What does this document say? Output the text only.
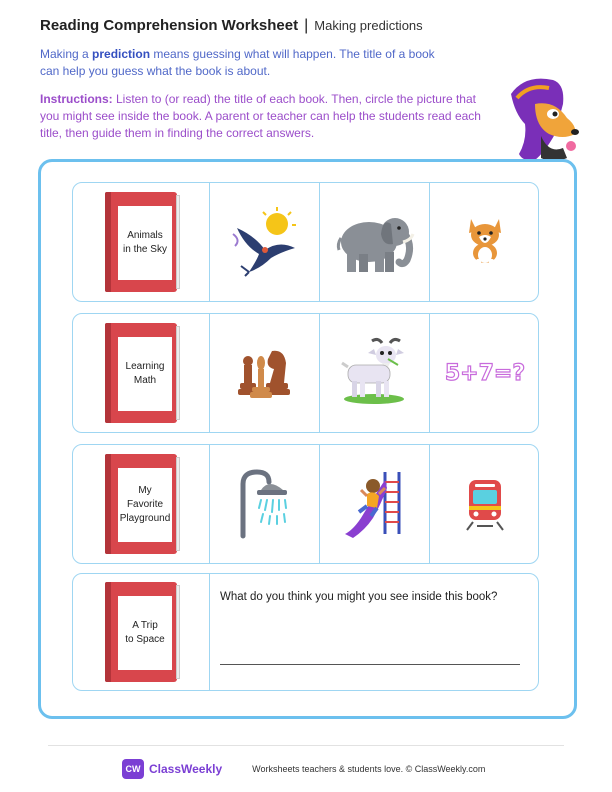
Reading Comprehension Worksheet | Making predictions

Making a prediction means guessing what will happen. The title of a book can help you guess what the book is about.

Instructions: Listen to (or read) the title of each book. Then, circle the picture that you might see inside the book. A parent or teacher can help the students read each title, then guide them in finding the correct answers.

Animals
in the Sky
Learning
Math	5+7=?
My
Favorite
Playground
A Trip
to Space
What do you think you might you see inside this book?
CW ClassWeekly	Worksheets teachers & students love. © ClassWeekly.com
